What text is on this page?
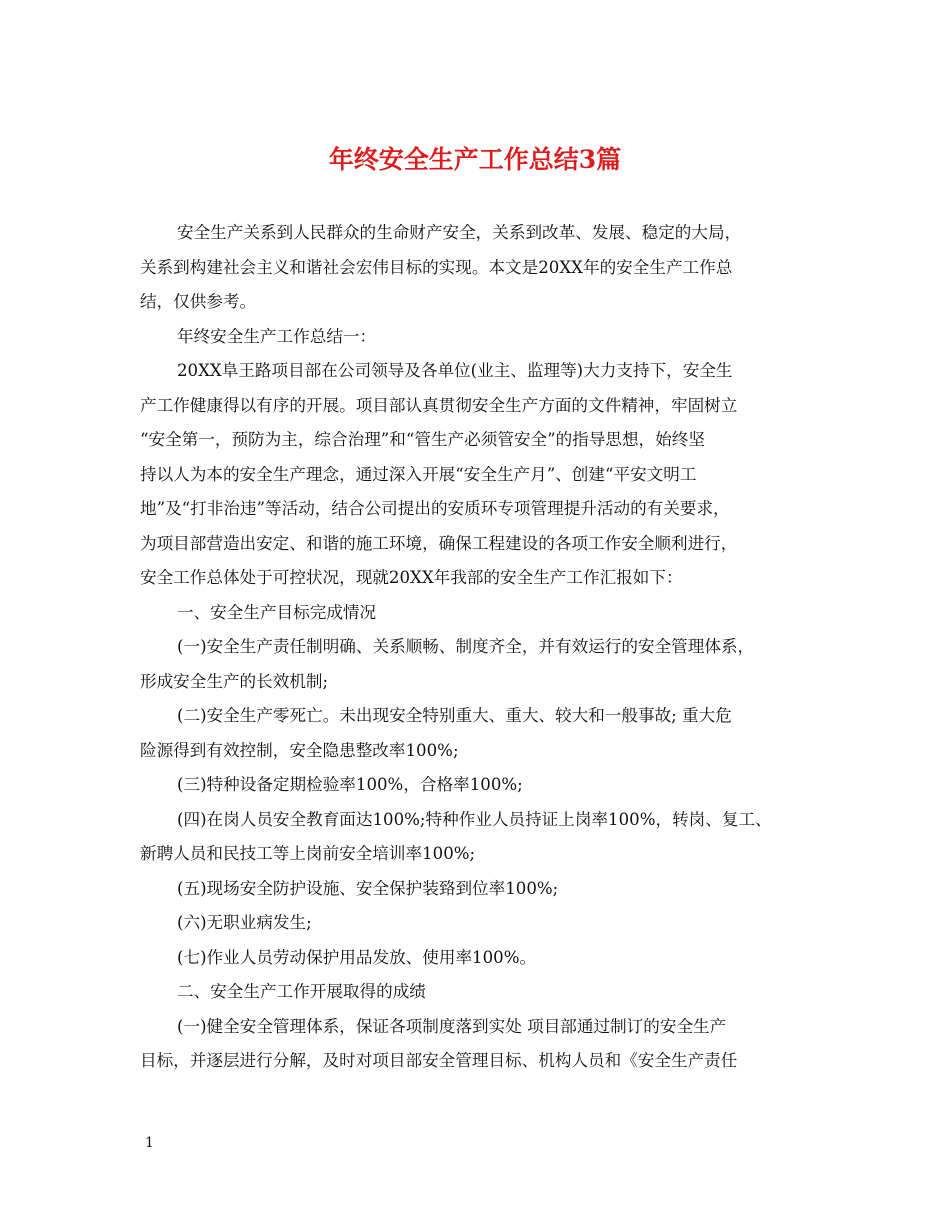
年终安全生产工作总结3篇
安全生产关系到人民群众的生命财产安全，关系到改革、发展、稳定的大局，
关系到构建社会主义和谐社会宏伟目标的实现。本文是20XX年的安全生产工作总
结，仅供参考。
年终安全生产工作总结一：
20XX阜王路项目部在公司领导及各单位(业主、监理等)大力支持下，安全生
产工作健康得以有序的开展。项目部认真贯彻安全生产方面的文件精神，牢固树立
“安全第一，预防为主，综合治理”和“管生产必须管安全”的指导思想，始终坚
持以人为本的安全生产理念，通过深入开展“安全生产月”、创建“平安文明工
地”及“打非治违”等活动，结合公司提出的安质环专项管理提升活动的有关要求，
为项目部营造出安定、和谐的施工环境，确保工程建设的各项工作安全顺利进行，
安全工作总体处于可控状况，现就20XX年我部的安全生产工作汇报如下：
一、安全生产目标完成情况
(一)安全生产责任制明确、关系顺畅、制度齐全，并有效运行的安全管理体系，
形成安全生产的长效机制;
(二)安全生产零死亡。未出现安全特别重大、重大、较大和一般事故; 重大危
险源得到有效控制，安全隐患整改率100%;
(三)特种设备定期检验率100%，合格率100%;
(四)在岗人员安全教育面达100%;特种作业人员持证上岗率100%，转岗、复工、
新聘人员和民技工等上岗前安全培训率100%;
(五)现场安全防护设施、安全保护装臵到位率100%;
(六)无职业病发生;
(七)作业人员劳动保护用品发放、使用率100%。
二、安全生产工作开展取得的成绩
(一)健全安全管理体系，保证各项制度落到实处 项目部通过制订的安全生产
目标，并逐层进行分解，及时对项目部安全管理目标、机构人员和《安全生产责任
1
